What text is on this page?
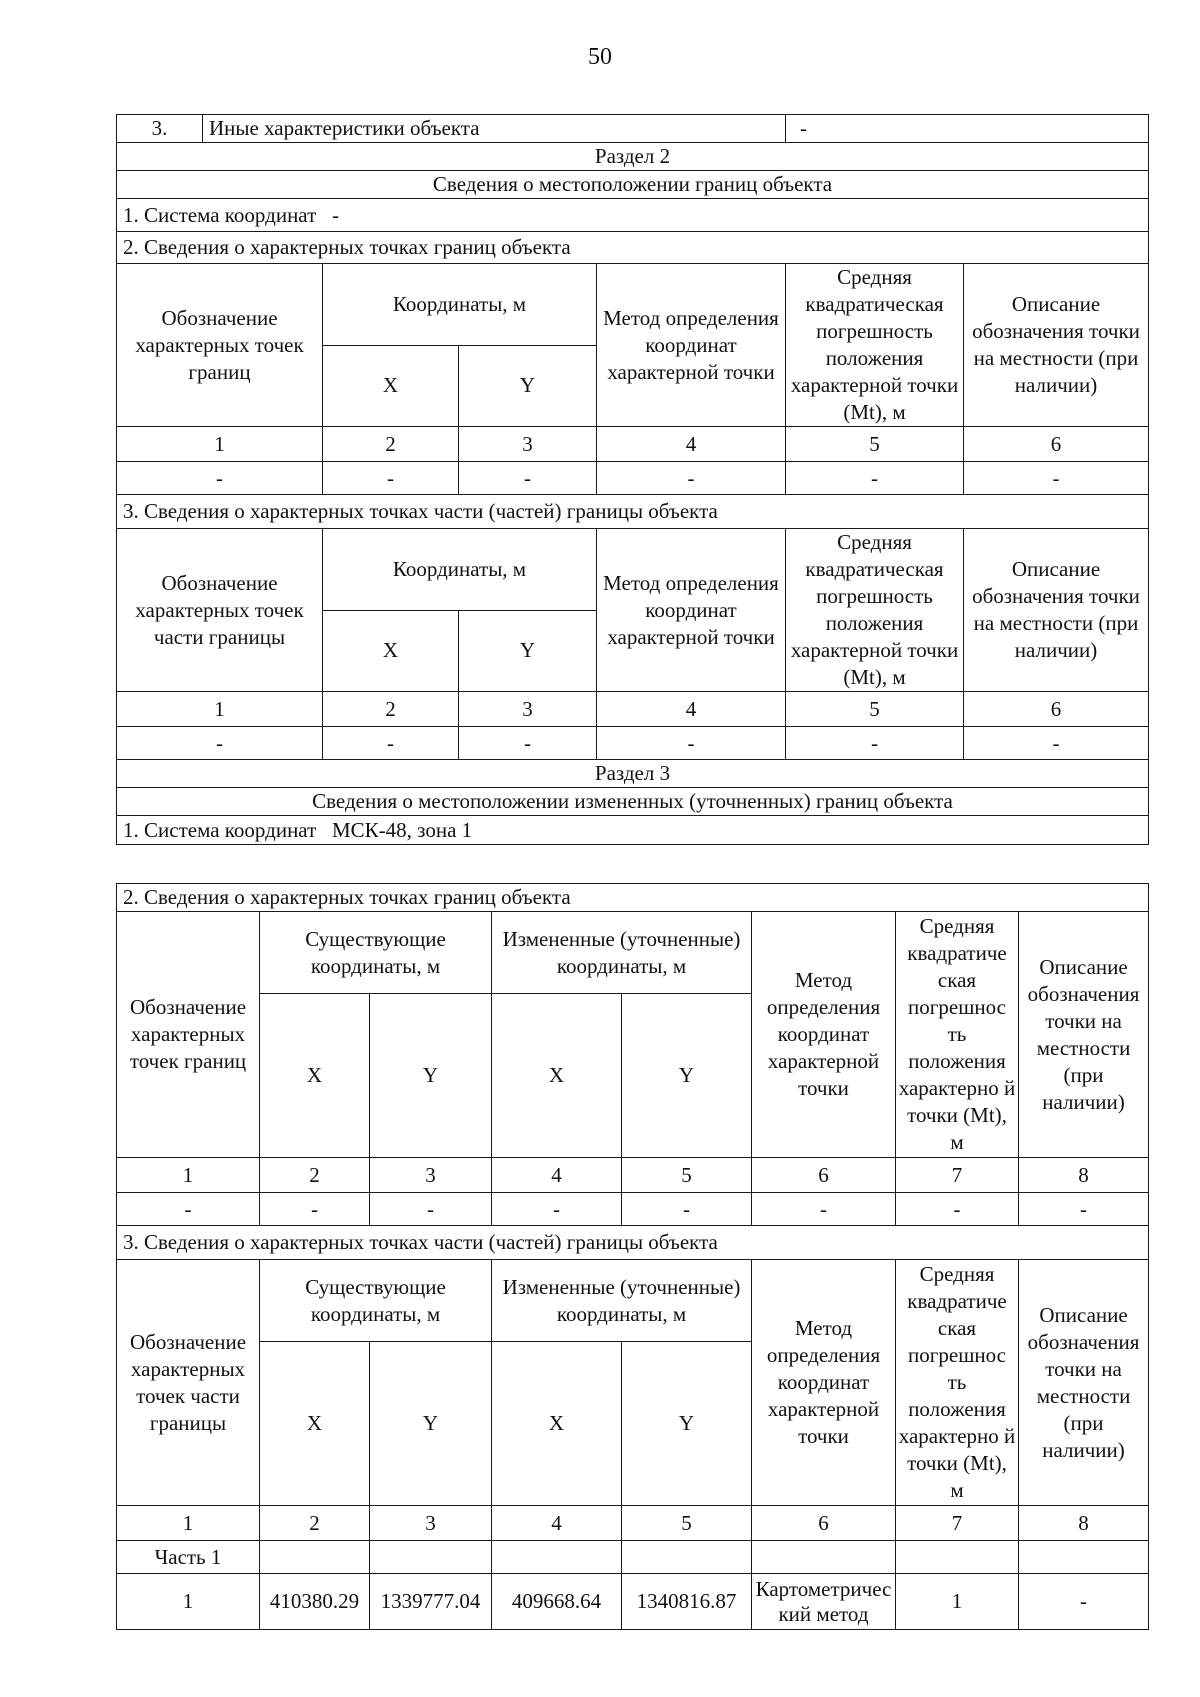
50
3.	Иные характеристики объекта				-	
Раздел 2						
Сведения о местоположении границ объекта						
1. Система координат   -						
2. Сведения о характерных точках границ объекта						
Обозначение характерных точек границ		Координаты, м		Метод определения координат характерной точки	Средняя квадратическая погрешность положения характерной точки (Mt), м	Описание обозначения точки на местности (при наличии)
		X	Y			
1		2	3	4	5	6
-		-	-	-	-	-
3. Сведения о характерных точках части (частей) границы объекта						
Обозначение характерных точек части границы		Координаты, м		Метод определения координат характерной точки	Средняя квадратическая погрешность положения характерной точки (Mt), м	Описание обозначения точки на местности (при наличии)
		X	Y			
1		2	3	4	5	6
-		-	-	-	-	-
Раздел 3						
Сведения о местоположении измененных (уточненных) границ объекта						
1. Система координат   МСК-48, зона 1						
2. Сведения о характерных точках границ объекта							
Обозначение характерных точек границ	Существующие координаты, м		Измененные (уточненные) координаты, м		Метод определения координат характерной точки	Средняя квадратиче ская погрешнос ть положения характерно й точки (Mt), м	Описание обозначения точки на местности (при наличии)
	X	Y	X	Y			
1	2	3	4	5	6	7	8
-	-	-	-	-	-	-	-
3. Сведения о характерных точках части (частей) границы объекта							
Обозначение характерных точек части границы	Существующие координаты, м		Измененные (уточненные) координаты, м		Метод определения координат характерной точки	Средняя квадратиче ская погрешнос ть положения характерно й точки (Mt), м	Описание обозначения точки на местности (при наличии)
	X	Y	X	Y			
1	2	3	4	5	6	7	8
Часть 1							
1	410380.29	1339777.04	409668.64	1340816.87	Картометрический метод	1	-
